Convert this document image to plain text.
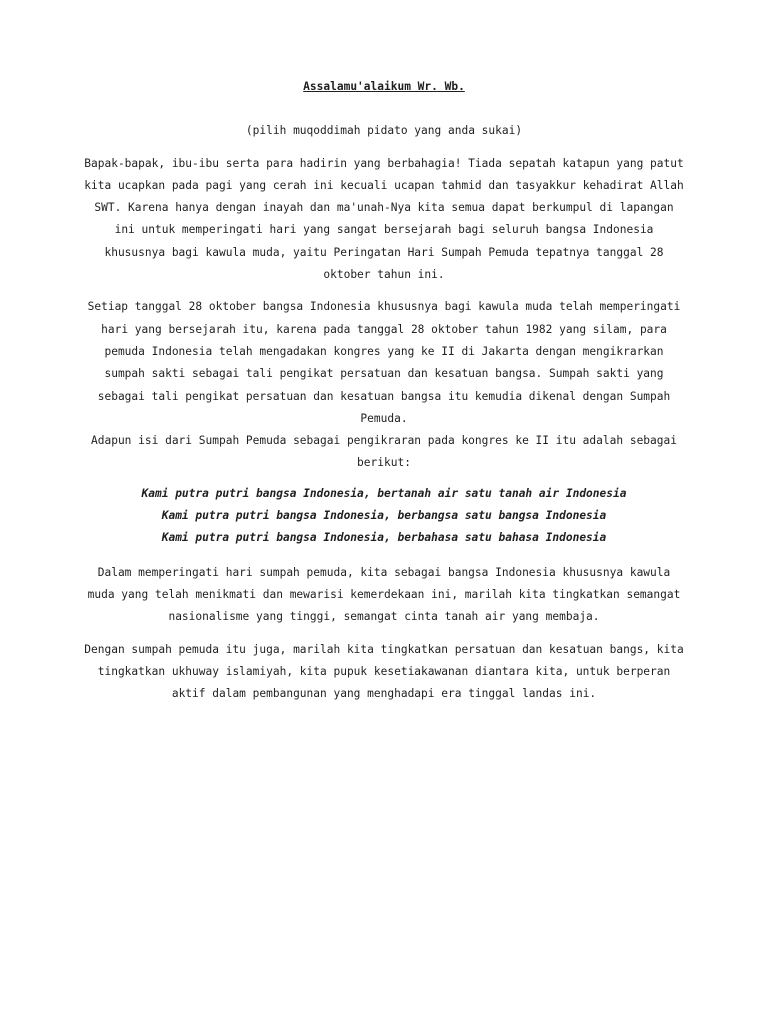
Assalamu'alaikum Wr. Wb.

(pilih muqoddimah pidato yang anda sukai)

Bapak-bapak, ibu-ibu serta para hadirin yang berbahagia! Tiada sepatah katapun yang patut kita ucapkan pada pagi yang cerah ini kecuali ucapan tahmid dan tasyakkur kehadirat Allah SWT. Karena hanya dengan inayah dan ma'unah-Nya kita semua dapat berkumpul di lapangan ini untuk memperingati hari yang sangat bersejarah bagi seluruh bangsa Indonesia khususnya bagi kawula muda, yaitu Peringatan Hari Sumpah Pemuda tepatnya tanggal 28 oktober tahun ini.

Setiap tanggal 28 oktober bangsa Indonesia khususnya bagi kawula muda telah memperingati hari yang bersejarah itu, karena pada tanggal 28 oktober tahun 1982 yang silam, para pemuda Indonesia telah mengadakan kongres yang ke II di Jakarta dengan mengikrarkan sumpah sakti sebagai tali pengikat persatuan dan kesatuan bangsa. Sumpah sakti yang sebagai tali pengikat persatuan dan kesatuan bangsa itu kemudia dikenal dengan Sumpah Pemuda.

Adapun isi dari Sumpah Pemuda sebagai pengikraran pada kongres ke II itu adalah sebagai berikut:

Kami putra putri bangsa Indonesia, bertanah air satu tanah air Indonesia

Kami putra putri bangsa Indonesia, berbangsa satu bangsa Indonesia

Kami putra putri bangsa Indonesia, berbahasa satu bahasa Indonesia

Dalam memperingati hari sumpah pemuda, kita sebagai bangsa Indonesia khususnya kawula muda yang telah menikmati dan mewarisi kemerdekaan ini, marilah kita tingkatkan semangat nasionalisme yang tinggi, semangat cinta tanah air yang membaja.

Dengan sumpah pemuda itu juga, marilah kita tingkatkan persatuan dan kesatuan bangs, kita tingkatkan ukhuway islamiyah, kita pupuk kesetiakawanan diantara kita, untuk berperan aktif dalam pembangunan yang menghadapi era tinggal landas ini.
